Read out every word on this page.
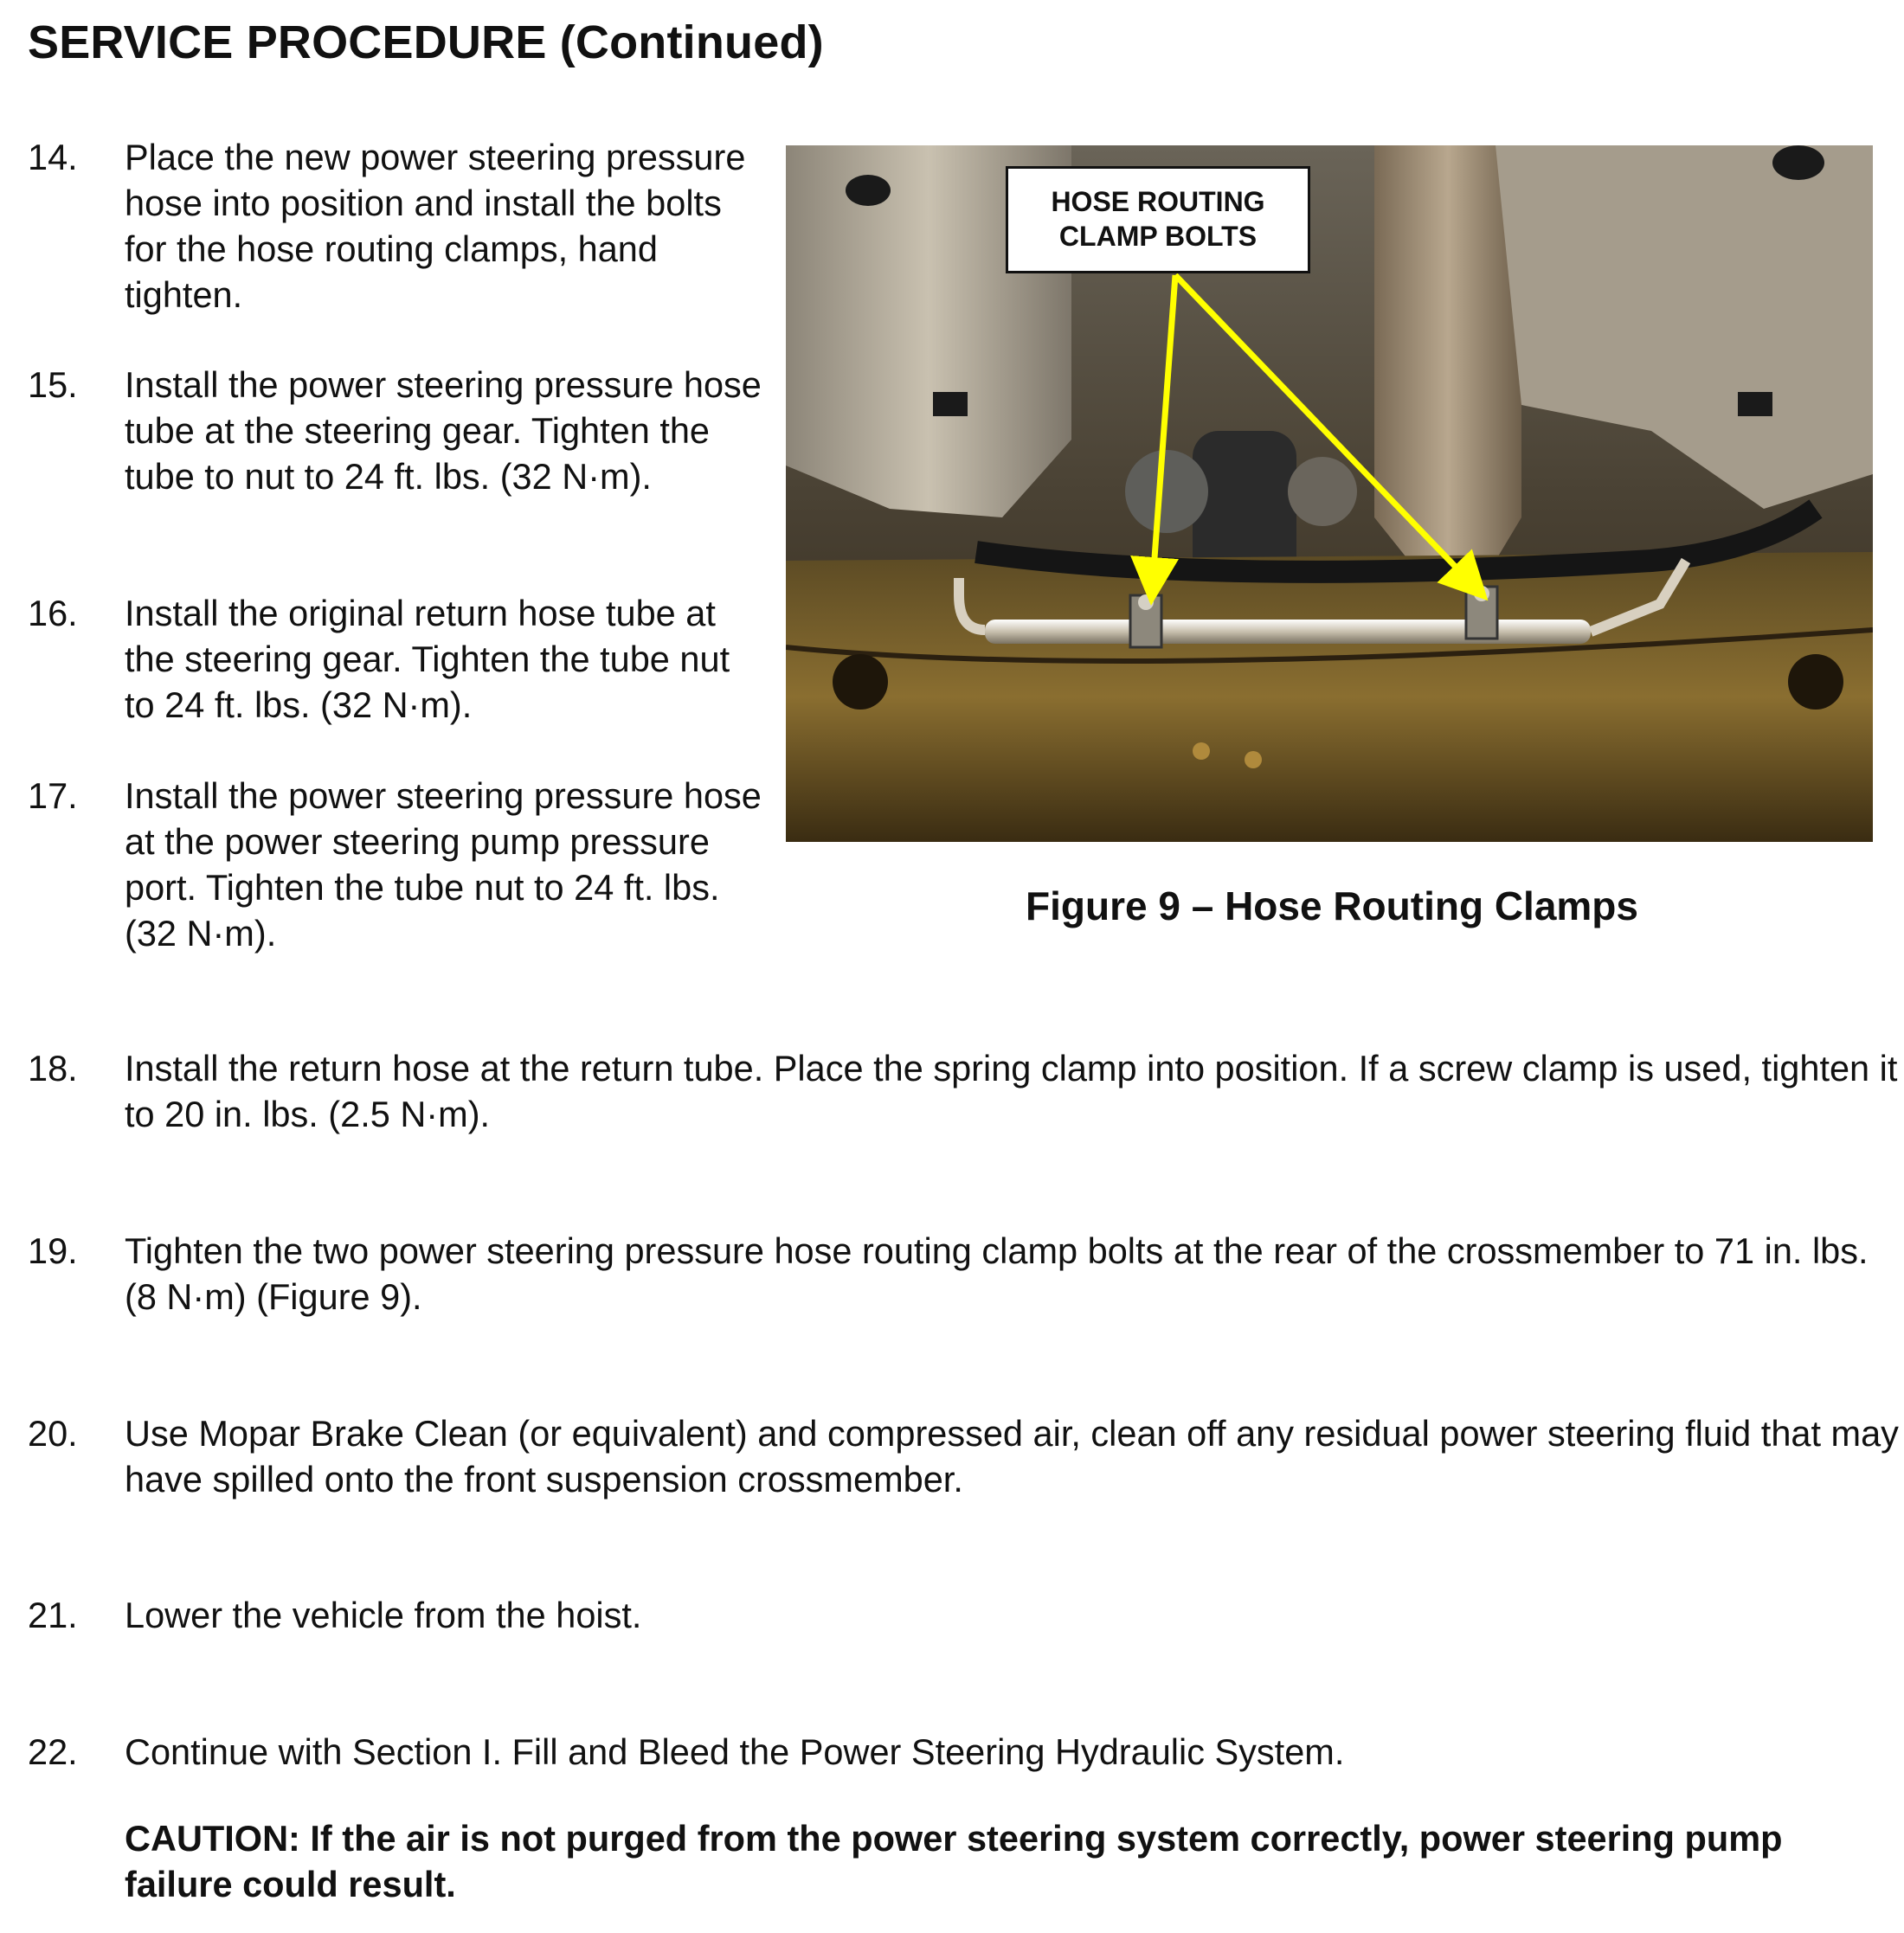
SERVICE PROCEDURE (Continued)
14.	Place the new power steering pressure hose into position and install the bolts for the hose routing clamps, hand tighten.
15.	Install the power steering pressure hose tube at the steering gear. Tighten the tube to nut to 24 ft. lbs. (32 N·m).
16.	Install the original return hose tube at the steering gear. Tighten the tube nut to 24 ft. lbs. (32 N·m).
17.	Install the power steering pressure hose at the power steering pump pressure port. Tighten the tube nut to 24 ft. lbs. (32 N·m).
18.	Install the return hose at the return tube. Place the spring clamp into position. If a screw clamp is used, tighten it to 20 in. lbs. (2.5 N·m).
19.	Tighten the two power steering pressure hose routing clamp bolts at the rear of the crossmember to 71 in. lbs. (8 N·m) (Figure 9).
20.	Use Mopar Brake Clean (or equivalent) and compressed air, clean off any residual power steering fluid that may have spilled onto the front suspension crossmember.
21.	Lower the vehicle from the hoist.
22.	Continue with Section I. Fill and Bleed the Power Steering Hydraulic System.
CAUTION: If the air is not purged from the power steering system correctly, power steering pump failure could result.
HOSE ROUTING
CLAMP BOLTS
Figure 9 – Hose Routing Clamps
